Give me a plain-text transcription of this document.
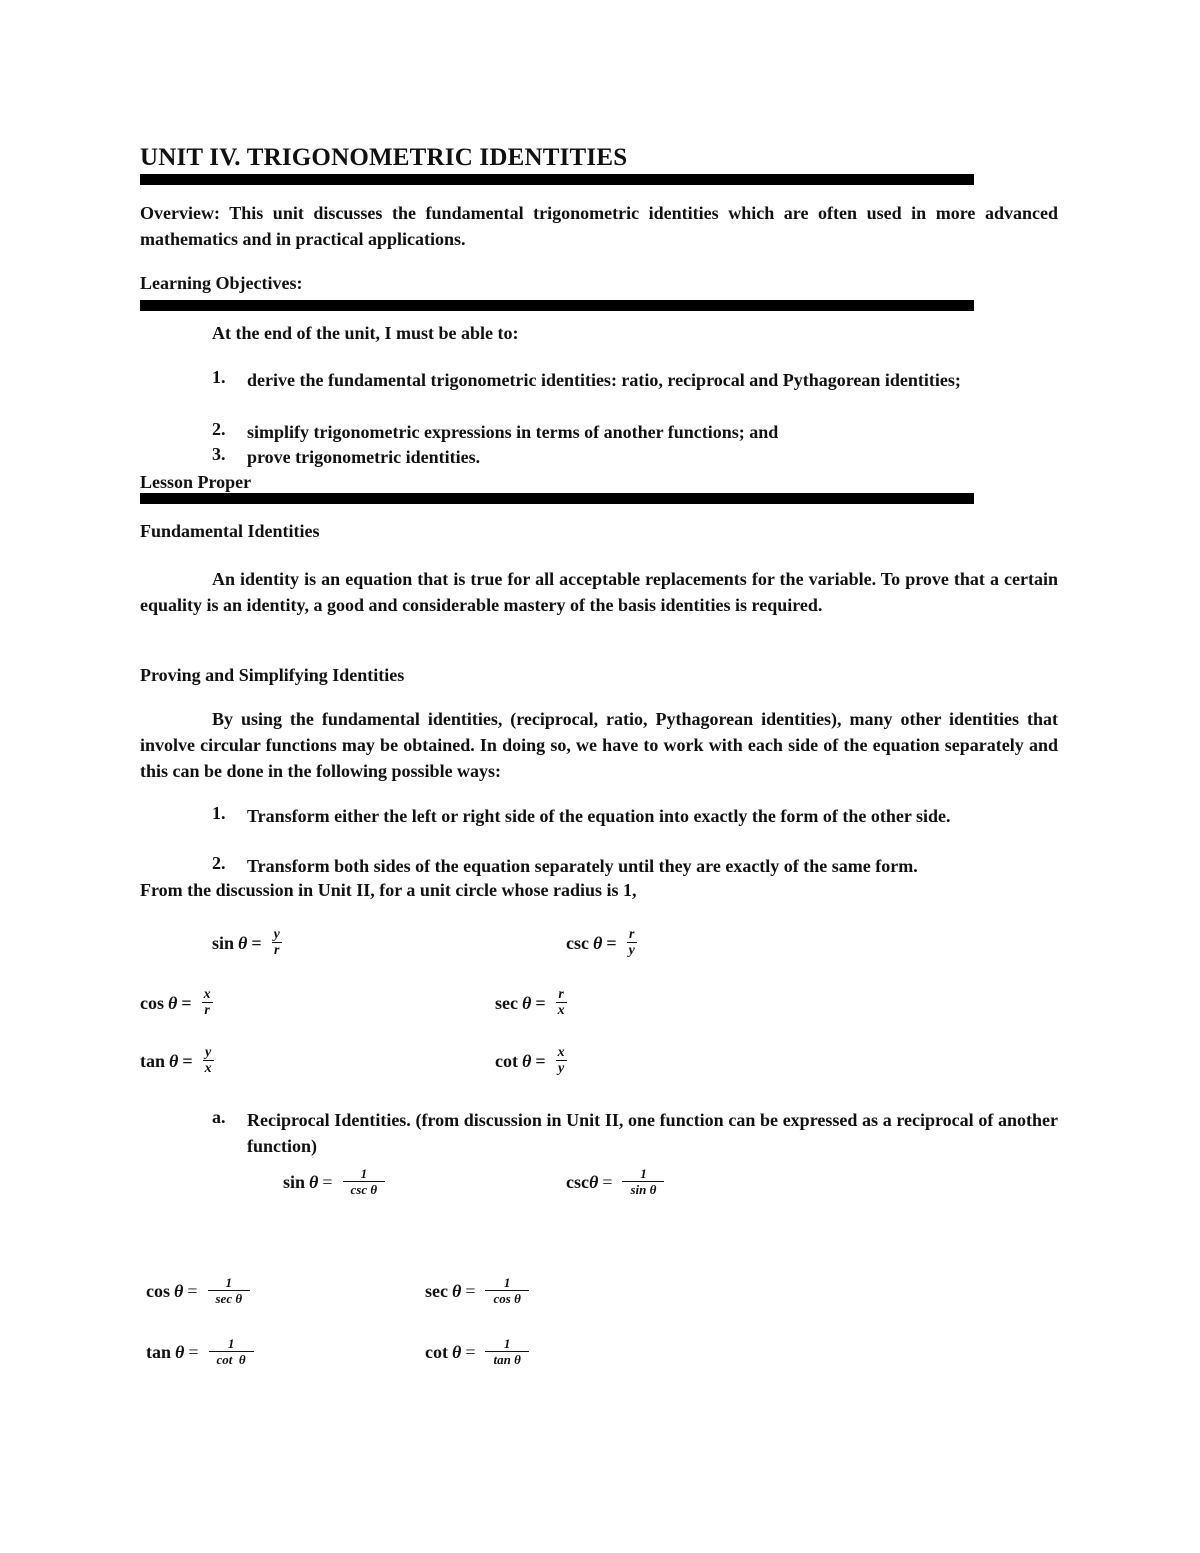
UNIT IV. TRIGONOMETRIC IDENTITIES
Overview: This unit discusses the fundamental trigonometric identities which are often used in more advanced mathematics and in practical applications.
Learning Objectives:
At the end of the unit, I must be able to:
1. derive the fundamental trigonometric identities: ratio, reciprocal and Pythagorean identities;
2. simplify trigonometric expressions in terms of another functions; and
3. prove trigonometric identities.
Lesson Proper
Fundamental Identities
An identity is an equation that is true for all acceptable replacements for the variable. To prove that a certain equality is an identity, a good and considerable mastery of the basis identities is required.
Proving and Simplifying Identities
By using the fundamental identities, (reciprocal, ratio, Pythagorean identities), many other identities that involve circular functions may be obtained. In doing so, we have to work with each side of the equation separately and this can be done in the following possible ways:
1. Transform either the left or right side of the equation into exactly the form of the other side.
2. Transform both sides of the equation separately until they are exactly of the same form.
From the discussion in Unit II, for a unit circle whose radius is 1,
$\sin \theta = \frac{y}{r}$	$\csc \theta = \frac{r}{y}$
$\cos \theta = \frac{x}{r}$	$\sec \theta = \frac{r}{x}$
$\tan \theta = \frac{y}{x}$	$\cot \theta = \frac{x}{y}$
a. Reciprocal Identities. (from discussion in Unit II, one function can be expressed as a reciprocal of another function)
$\sin \theta = \frac{1}{\text{csc θ}}$	$\csc\theta = \frac{1}{\text{sin θ}}$
$\cos \theta = \frac{1}{\text{sec θ}}$	$\sec \theta = \frac{1}{\text{cos θ}}$
$\tan \theta = \frac{1}{\text{cot  θ}}$	$\cot \theta = \frac{1}{\text{tan θ}}$
